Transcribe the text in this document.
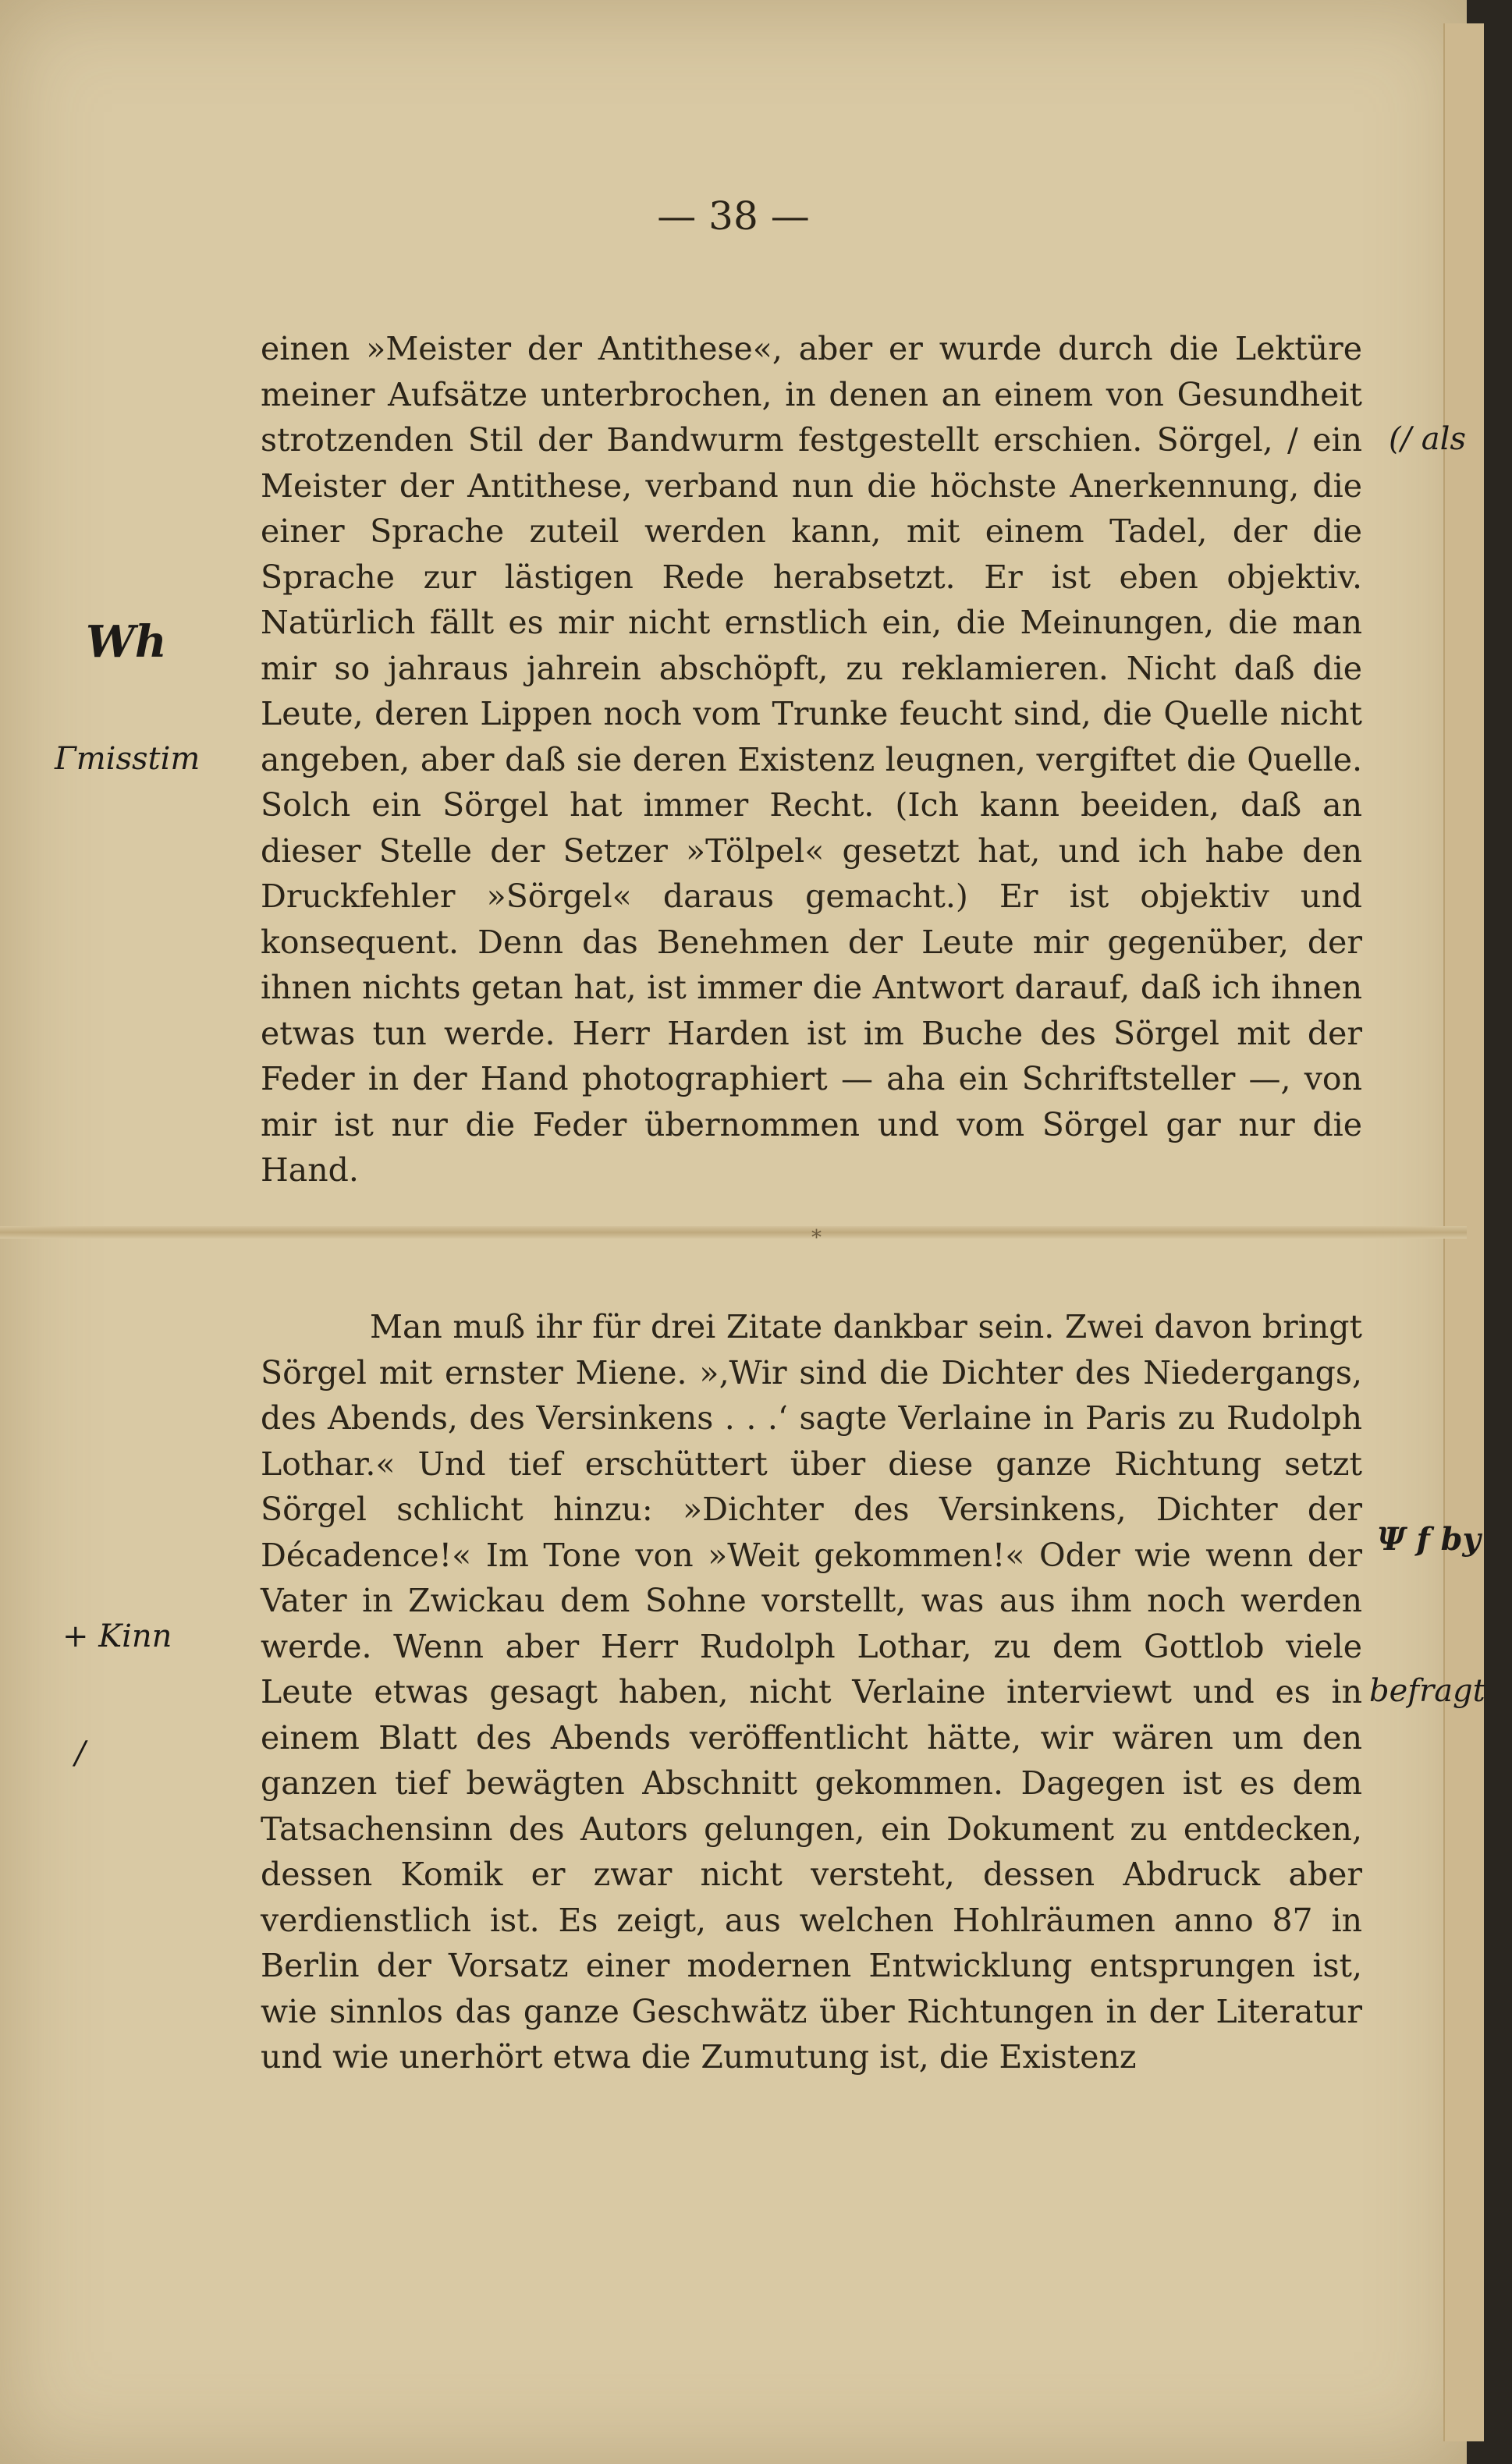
— 38 —
einen »Meister der Antithese«, aber er wurde durch die Lektüre meiner Aufsätze unterbrochen, in denen an einem von Gesundheit strotzenden Stil der Bandwurm festgestellt erschien. Sörgel, / ein Meister der Antithese, verband nun die höchste Anerkennung, die einer Sprache zuteil werden kann, mit einem Tadel, der die Sprache zur lästigen Rede herabsetzt. Er ist eben objektiv. Natürlich fällt es mir nicht ernstlich ein, die Meinungen, die man mir so jahraus jahrein abschöpft, zu reklamieren. Nicht daß die Leute, deren Lippen noch vom Trunke feucht sind, die Quelle nicht angeben, aber daß sie deren Existenz leugnen, vergiftet die Quelle. Solch ein Sörgel hat immer Recht. (Ich kann beeiden, daß an dieser Stelle der Setzer »Tölpel« gesetzt hat, und ich habe den Druckfehler »Sörgel« daraus gemacht.) Er ist objektiv und konsequent. Denn das Benehmen der Leute mir gegenüber, der ihnen nichts getan hat, ist immer die Antwort darauf, daß ich ihnen etwas tun werde. Herr Harden ist im Buche des Sörgel mit der Feder in der Hand photographiert — aha ein Schriftsteller —, von mir ist nur die Feder übernommen und vom Sörgel gar nur die Hand.
*
Man muß ihr für drei Zitate dankbar sein. Zwei davon bringt Sörgel mit ernster Miene. »‚Wir sind die Dichter des Niedergangs, des Abends, des Versinkens . . .‘ sagte Verlaine in Paris zu Rudolph Lothar.« Und tief erschüttert über diese ganze Richtung setzt Sörgel schlicht hinzu: »Dichter des Versinkens, Dichter der Décadence!« Im Tone von »Weit gekommen!« Oder wie wenn der Vater in Zwickau dem Sohne vorstellt, was aus ihm noch werden werde. Wenn aber Herr Rudolph Lothar, zu dem Gottlob viele Leute etwas gesagt haben, nicht Verlaine interviewt und es in einem Blatt des Abends veröffentlicht hätte, wir wären um den ganzen tief bewägten Abschnitt gekommen. Dagegen ist es dem Tatsachensinn des Autors gelungen, ein Dokument zu entdecken, dessen Komik er zwar nicht versteht, dessen Abdruck aber verdienstlich ist. Es zeigt, aus welchen Hohlräumen anno 87 in Berlin der Vorsatz einer modernen Entwicklung entsprungen ist, wie sinnlos das ganze Geschwätz über Richtungen in der Literatur und wie unerhört etwa die Zumutung ist, die Existenz
(/ als
Wh
Γmisstim
Ψ f by
+ Kinn
befragt
/
